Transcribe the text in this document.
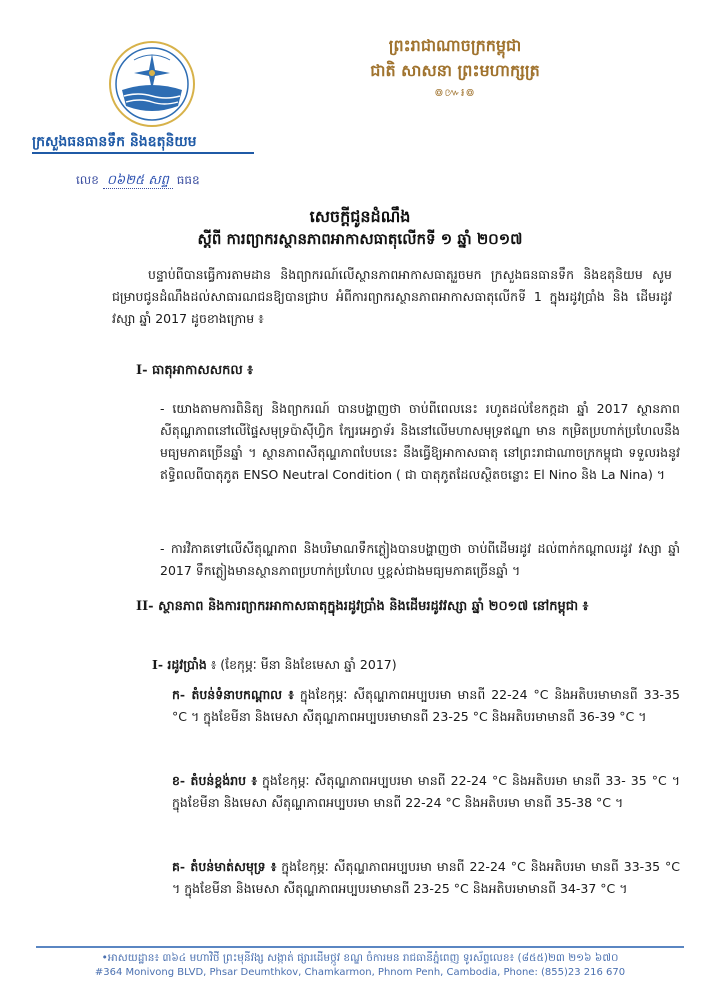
ព្រះរាជាណាចក្រកម្ពុជា
ជាតិ សាសនា ព្រះមហាក្សត្រ
៙៚៛៙
ក្រសួងធនធានទឹក និងឧតុនិយម
លេខ ០៦២៥ សព្ទ ធធឧ
សេចក្តីជូនដំណឹង
ស្តីពី ការព្យាករស្ថានភាពអាកាសធាតុលើកទី ១ ឆ្នាំ ២០១៧
បន្ទាប់ពីបានធ្វើការតាមដាន និងព្យាករណ៍លើស្ថានភាពអាកាសធាតុរួចមក ក្រសួងធនធានទឹក និងឧតុនិយម សូមជម្រាបជូនដំណឹងដល់សាធារណជនឱ្យបានជ្រាប អំពីការព្យាករស្ថានភាពអាកាសធាតុលើកទី 1 ក្នុងរដូវប្រាំង និង ដើមរដូវវស្សា ឆ្នាំ 2017 ដូចខាងក្រោម ៖
I- ធាតុអាកាសសកល ៖
- យោងតាមការពិនិត្យ និងព្យាករណ៍ បានបង្ហាញថា ចាប់ពីពេលនេះ រហូតដល់ខែកក្កដា ឆ្នាំ 2017 ស្ថានភាពសីតុណ្ហភាពនៅលើផ្ទៃសមុទ្រប៉ាស៊ីហ្វិក ក្បែរអេក្វាទ័រ និងនៅលើមហាសមុទ្រឥណ្ឌា មាន កម្រិតប្រហាក់ប្រហែលនឹងមធ្យមភាគច្រើនឆ្នាំ ។ ស្ថានភាពសីតុណ្ហភាពបែបនេះ នឹងធ្វើឱ្យអាកាសធាតុ នៅព្រះរាជាណាចក្រកម្ពុជា ទទួលរងនូវឥទ្ធិពលពីបាតុភូត ENSO Neutral Condition ( ជា បាតុភូតដែលស្ថិតចន្លោះ El Nino និង La Nina) ។
- ការវិភាគទៅលើសីតុណ្ហភាព និងបរិមាណទឹកភ្លៀងបានបង្ហាញថា ចាប់ពីដើមរដូវ ដល់ពាក់កណ្តាលរដូវ វស្សា ឆ្នាំ 2017 ទឹកភ្លៀងមានស្ថានភាពប្រហាក់ប្រហែល ឬខ្ពស់ជាងមធ្យមភាគច្រើនឆ្នាំ ។
II- ស្ថានភាព និងការព្យាករអាកាសធាតុក្នុងរដូវប្រាំង និងដើមរដូវវស្សា ឆ្នាំ ២០១៧ នៅកម្ពុជា ៖
I- រដូវប្រាំង ៖ (ខែកុម្ភៈ មីនា និងខែមេសា ឆ្នាំ 2017)
ក- តំបន់ទំនាបកណ្តាល ៖ ក្នុងខែកុម្ភៈ សីតុណ្ហភាពអប្បបរមា មានពី 22-24 °C និងអតិបរមាមានពី 33-35 °C ។ ក្នុងខែមីនា និងមេសា សីតុណ្ហភាពអប្បបរមាមានពី 23-25 °C និងអតិបរមាមានពី 36-39 °C ។
ខ- តំបន់ខ្ពង់រាប ៖ ក្នុងខែកុម្ភៈ សីតុណ្ហភាពអប្បបរមា មានពី 22-24 °C និងអតិបរមា មានពី 33- 35 °C ។ ក្នុងខែមីនា និងមេសា សីតុណ្ហភាពអប្បបរមា មានពី 22-24 °C និងអតិបរមា មានពី 35-38 °C ។
គ- តំបន់មាត់សមុទ្រ ៖ ក្នុងខែកុម្ភៈ សីតុណ្ហភាពអប្បបរមា មានពី 22-24 °C និងអតិបរមា មានពី 33-35 °C ។ ក្នុងខែមីនា និងមេសា សីតុណ្ហភាពអប្បបរមាមានពី 23-25 °C និងអតិបរមាមានពី 34-37 °C ។
•អាសយដ្ឋាន៖ ៣៦៤ មហាវិថី ព្រះមុនីវង្ស សង្កាត់ ផ្សារដើមថ្កូវ ខណ្ឌ ចំការមន រាជធានីភ្នំពេញ ទូរស័ព្ទលេខ៖ (៨៥៥)២៣ ២១៦ ៦៧០
#364 Monivong BLVD, Phsar Deumthkov, Chamkarmon, Phnom Penh, Cambodia, Phone: (855)23 216 670
